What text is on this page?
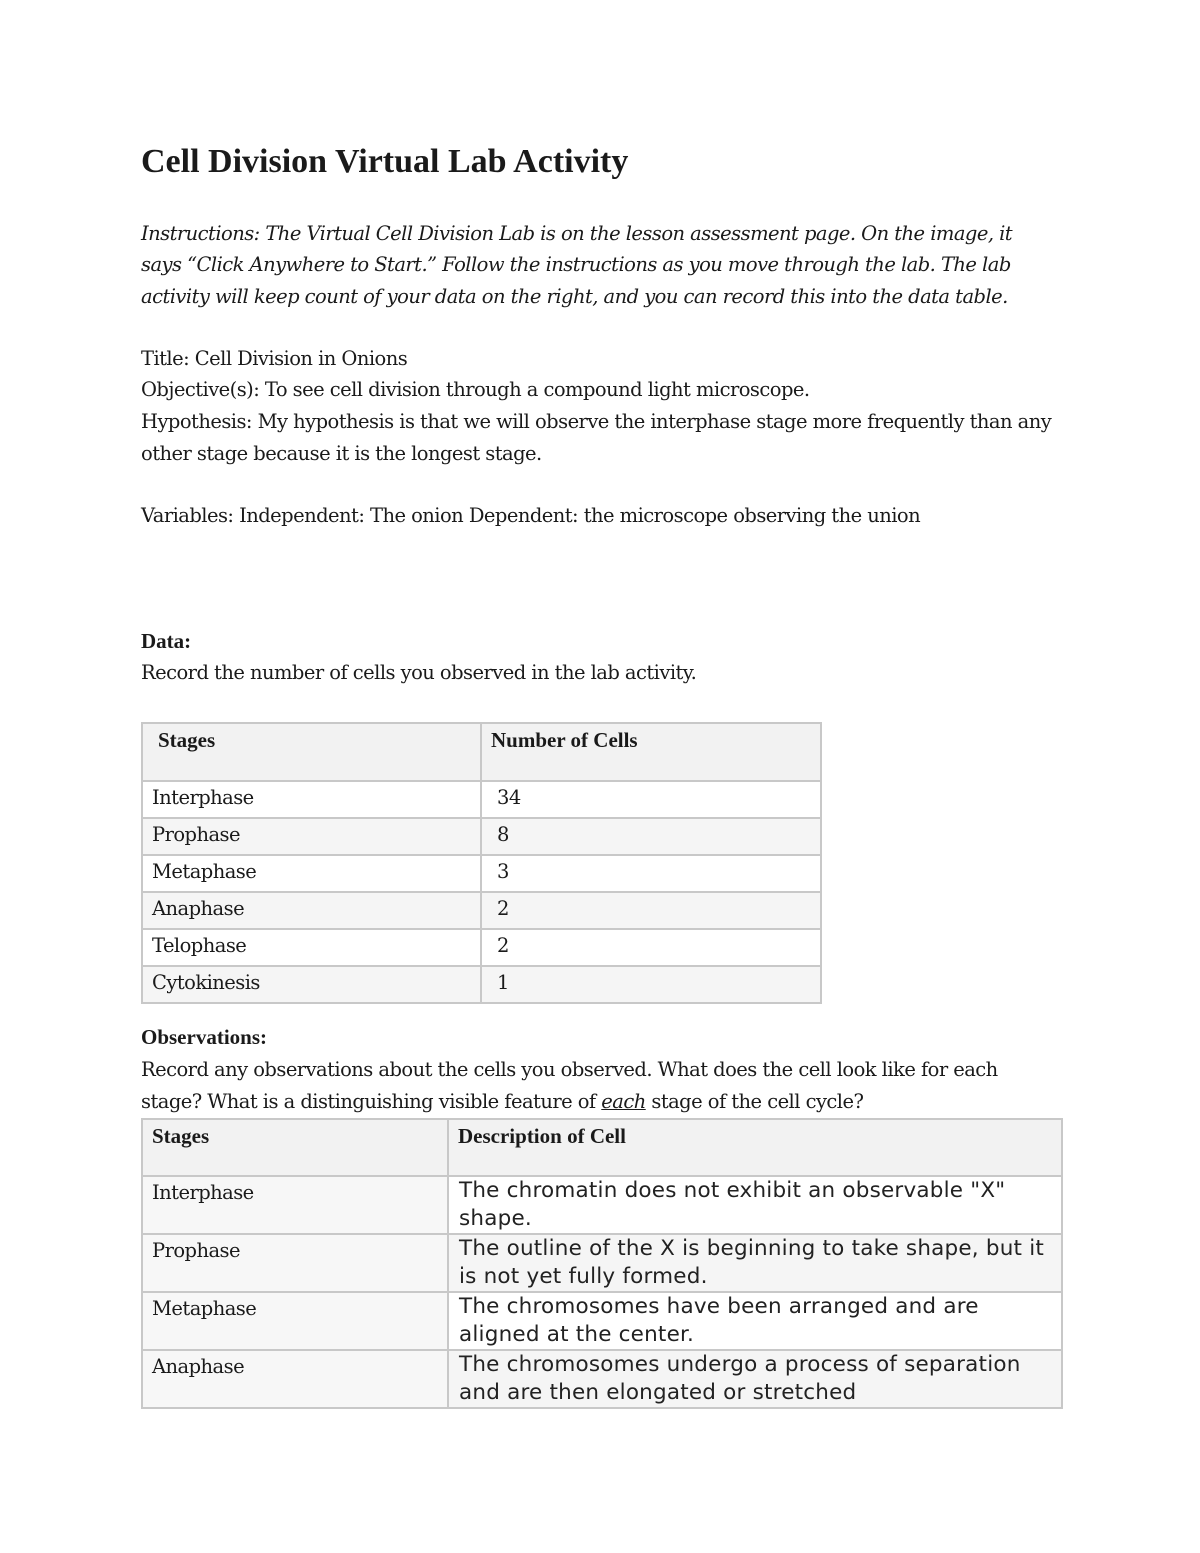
Cell Division Virtual Lab Activity

Instructions: The Virtual Cell Division Lab is on the lesson assessment page. On the image, it says “Click Anywhere to Start.” Follow the instructions as you move through the lab. The lab activity will keep count of your data on the right, and you can record this into the data table.

Title: Cell Division in Onions

Objective(s): To see cell division through a compound light microscope.

Hypothesis: My hypothesis is that we will observe the interphase stage more frequently than any other stage because it is the longest stage.

Variables: Independent: The onion Dependent: the microscope observing the union

Data:

Record the number of cells you observed in the lab activity.

Stages	Number of Cells
Interphase	34
Prophase	8
Metaphase	3
Anaphase	2
Telophase	2
Cytokinesis	1

Observations:

Record any observations about the cells you observed. What does the cell look like for each stage? What is a distinguishing visible feature of each stage of the cell cycle?

Stages	Description of Cell
Interphase	The chromatin does not exhibit an observable "X" shape.
Prophase	The outline of the X is beginning to take shape, but it is not yet fully formed.
Metaphase	The chromosomes have been arranged and are aligned at the center.
Anaphase	The chromosomes undergo a process of separation and are then elongated or stretched
